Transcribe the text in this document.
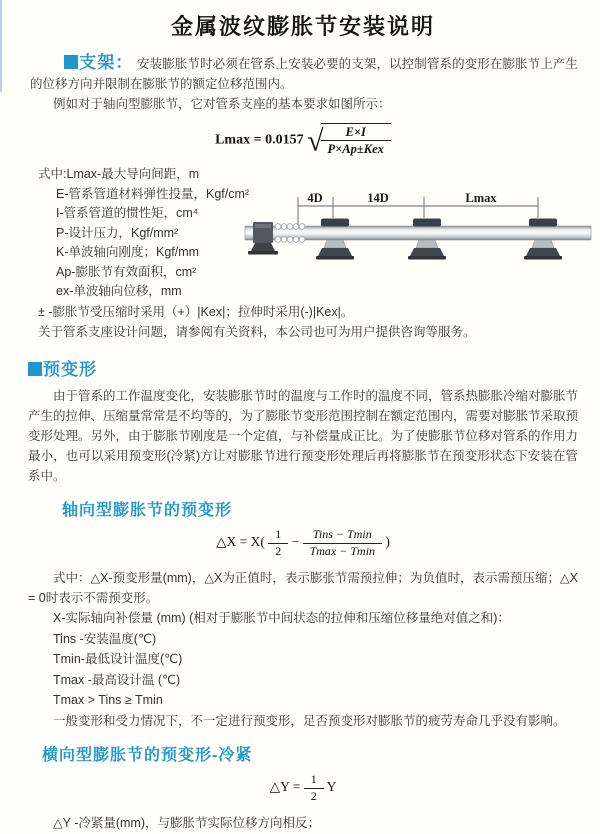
金属波纹膨胀节安装说明

支架： 安装膨胀节时必须在管系上安装必要的支架，以控制管系的变形在膨胀节上产生的位移方向并限制在膨胀节的额定位移范围内。

例如对于轴向型膨胀节，它对管系支座的基本要求如图所示：

Lmax = 0.0157 √ $\frac{E\times I}{\text{P×Ap±Kex}}$
式中:Lmax-最大导向间距，m
E-管系管道材料弹性投量，Kgf/cm²
I-管系管道的惯性矩，cm⁴
P-设计压力，Kgf/mm²
K-单波轴向刚度；Kgf/mm
Ap-膨胀节有效面积，cm²
ex-单波轴向位移，mm
4D	14D	Lmax
± -膨胀节受压缩时采用（+）|Kex|；拉伸时采用(-)|Kex|。
关于管系支座设计问题，请参阅有关资料，本公司也可为用户提供咨询等服务。
预变形

由于管系的工作温度变化，安装膨胀节时的温度与工作时的温度不同，管系热膨胀冷缩对膨胀节产生的拉伸、压缩量常常是不均等的，为了膨胀节变形范围控制在额定范围内，需要对膨胀节采取预变形处理。另外，由于膨胀节刚度是一个定值，与补偿量成正比。为了使膨胀节位移对管系的作用力最小，也可以采用预变形(冷紧)方让对膨胀节进行预变形处理后再将膨胀节在预变形状态下安装在管系中。

轴向型膨胀节的预变形
△X = $X( \frac{1}{2} - \frac{\text{Tins − Tmin}}{Tmax - Tmin}$ )

式中：△X-预变形量(mm)，△X为正值时，表示膨张节需预拉伸；为负值时，表示需预压缩；△X = 0时表示不需预变形。

X-实际轴向补偿量 (mm) (相对于膨胀节中间状态的拉伸和压缩位移量绝对值之和)：
Tins -安装温度(℃)
Tmin-最低设计温度(℃)
Tmax -最高设计温 (℃)
Tmax > Tins ≥ Tmin
一般变形和受力情况下，不一定进行预变形，足否预变形对膨胀节的疲劳寿命几乎没有影响。
横向型膨胀节的预变形-冷紧
△Y = $\frac{1}{2}$ Y
△Y -冷紧量(mm)，与膨胀节实际位移方向相反；
